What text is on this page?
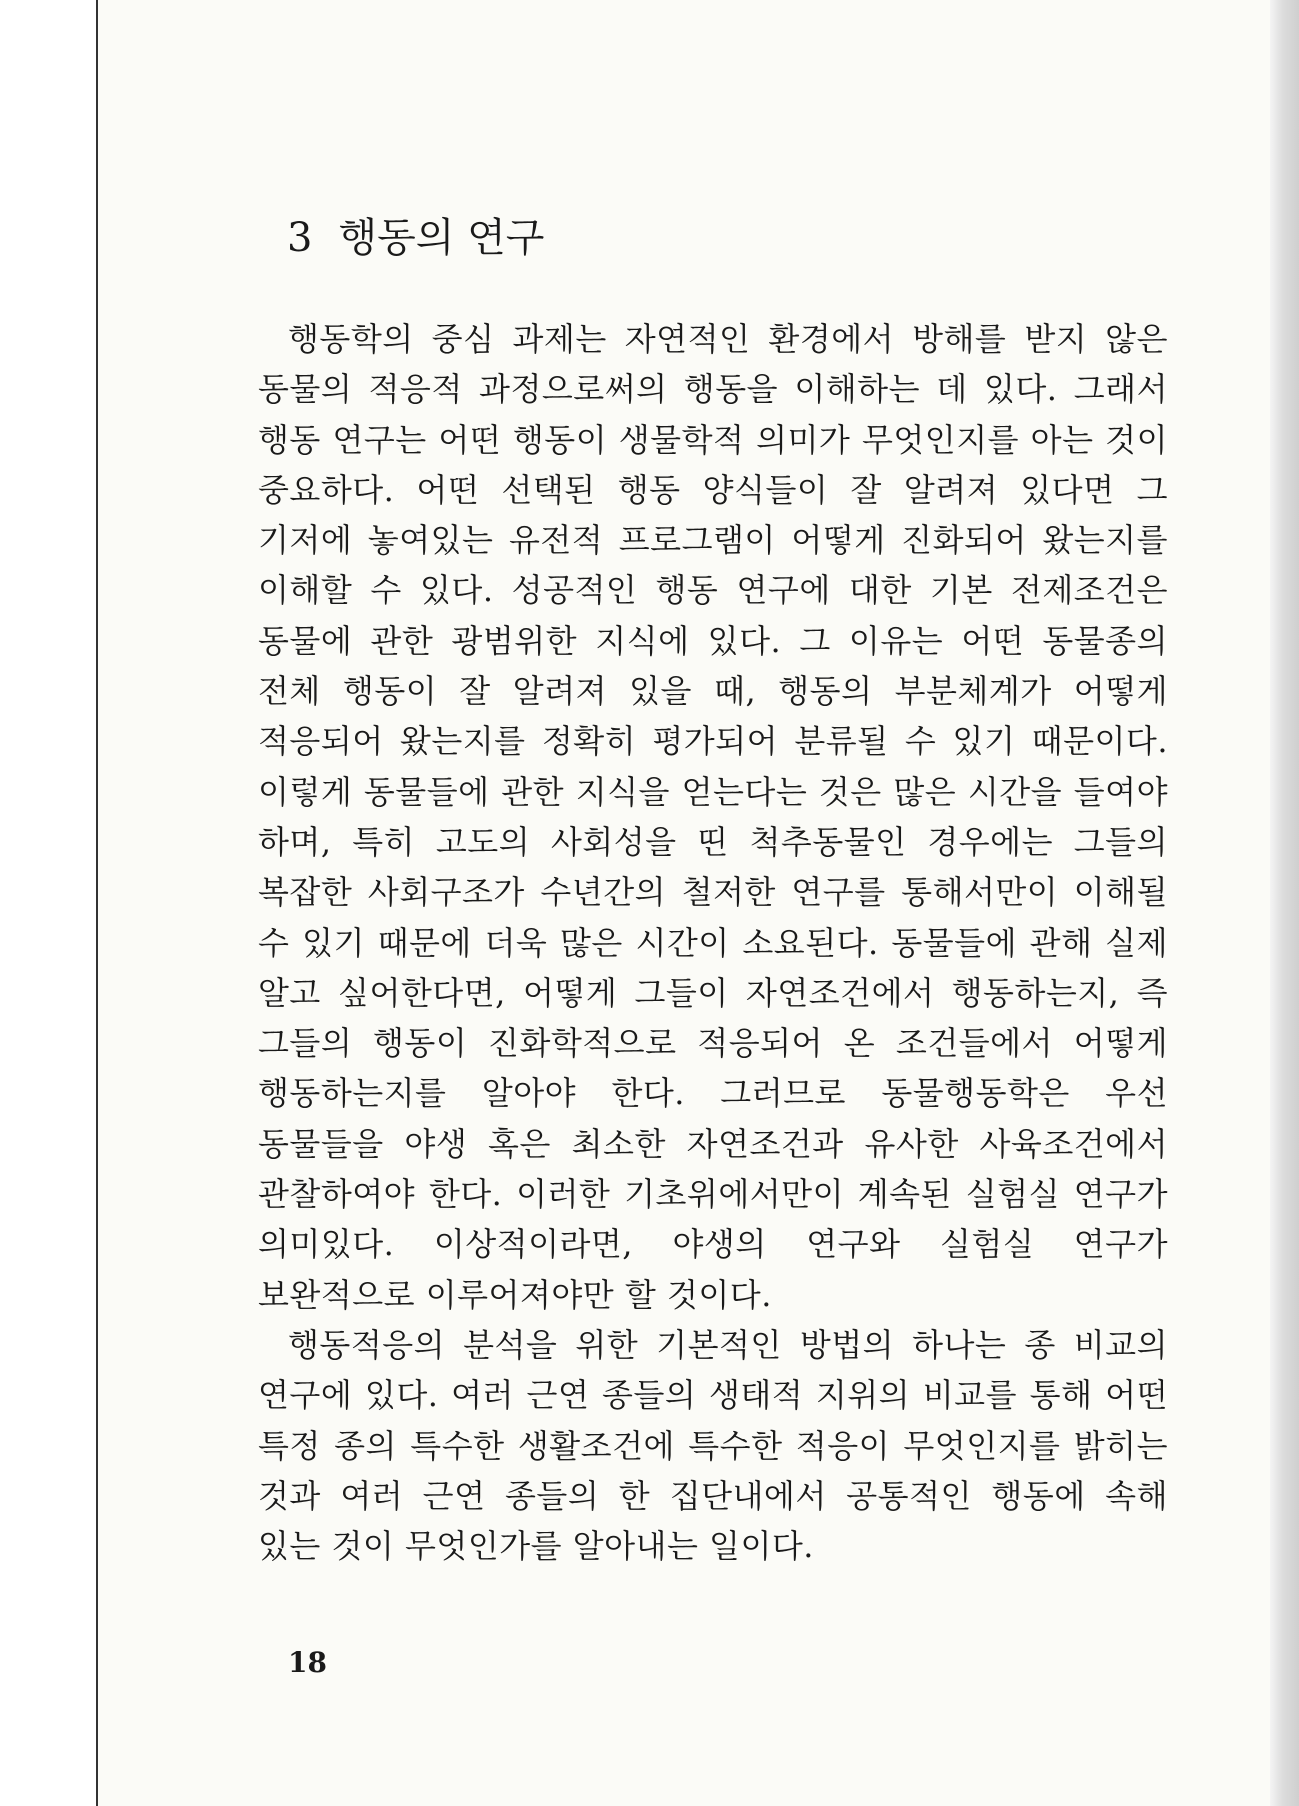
3 행동의 연구

행동학의 중심 과제는 자연적인 환경에서 방해를 받지 않은 동물의 적응적 과정으로써의 행동을 이해하는 데 있다. 그래서 행동 연구는 어떤 행동이 생물학적 의미가 무엇인지를 아는 것이 중요하다. 어떤 선택된 행동 양식들이 잘 알려져 있다면 그 기저에 놓여있는 유전적 프로그램이 어떻게 진화되어 왔는지를 이해할 수 있다. 성공적인 행동 연구에 대한 기본 전제조건은 동물에 관한 광범위한 지식에 있다. 그 이유는 어떤 동물종의 전체 행동이 잘 알려져 있을 때, 행동의 부분체계가 어떻게 적응되어 왔는지를 정확히 평가되어 분류될 수 있기 때문이다. 이렇게 동물들에 관한 지식을 얻는다는 것은 많은 시간을 들여야 하며, 특히 고도의 사회성을 띤 척추동물인 경우에는 그들의 복잡한 사회구조가 수년간의 철저한 연구를 통해서만이 이해될 수 있기 때문에 더욱 많은 시간이 소요된다. 동물들에 관해 실제 알고 싶어한다면, 어떻게 그들이 자연조건에서 행동하는지, 즉 그들의 행동이 진화학적으로 적응되어 온 조건들에서 어떻게 행동하는지를 알아야 한다. 그러므로 동물행동학은 우선 동물들을 야생 혹은 최소한 자연조건과 유사한 사육조건에서 관찰하여야 한다. 이러한 기초위에서만이 계속된 실험실 연구가 의미있다. 이상적이라면, 야생의 연구와 실험실 연구가 보완적으로 이루어져야만 할 것이다.

행동적응의 분석을 위한 기본적인 방법의 하나는 종 비교의 연구에 있다. 여러 근연 종들의 생태적 지위의 비교를 통해 어떤 특정 종의 특수한 생활조건에 특수한 적응이 무엇인지를 밝히는 것과 여러 근연 종들의 한 집단내에서 공통적인 행동에 속해 있는 것이 무엇인가를 알아내는 일이다.

18
